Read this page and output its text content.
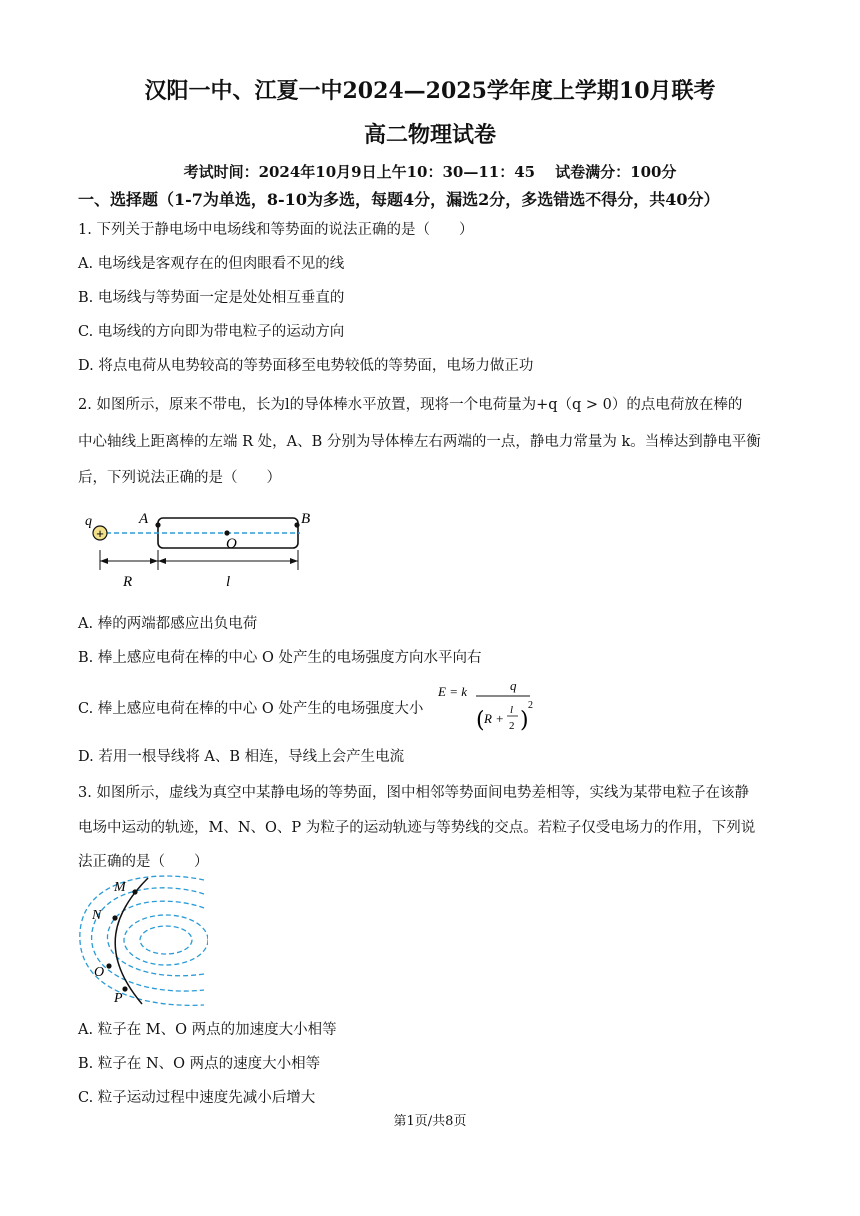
汉阳一中、江夏一中2024—2025学年度上学期10月联考
高二物理试卷
考试时间：2024年10月9日上午10：30—11：45 试卷满分：100分
一、选择题（1-7为单选，8-10为多选，每题4分，漏选2分，多选错选不得分，共40分）
1. 下列关于静电场中电场线和等势面的说法正确的是（　　）
A. 电场线是客观存在的但肉眼看不见的线
B. 电场线与等势面一定是处处相互垂直的
C. 电场线的方向即为带电粒子的运动方向
D. 将点电荷从电势较高的等势面移至电势较低的等势面，电场力做正功
2. 如图所示，原来不带电，长为l的导体棒水平放置，现将一个电荷量为+q（q > 0）的点电荷放在棒的
中心轴线上距离棒的左端 R 处，A、B 分别为导体棒左右两端的一点，静电力常量为 k。当棒达到静电平衡
后，下列说法正确的是（　　）
+
q	A	B
O
R	l
A. 棒的两端都感应出负电荷
B. 棒上感应电荷在棒的中心 O 处产生的电场强度方向水平向右
C. 棒上感应电荷在棒的中心 O 处产生的电场强度大小
E = k	q
( R +
l
2 )
2
D. 若用一根导线将 A、B 相连，导线上会产生电流
3. 如图所示，虚线为真空中某静电场的等势面，图中相邻等势面间电势差相等，实线为某带电粒子在该静
电场中运动的轨迹，M、N、O、P 为粒子的运动轨迹与等势线的交点。若粒子仅受电场力的作用，下列说
法正确的是（　　）
M
N
O
P
A. 粒子在 M、O 两点的加速度大小相等
B. 粒子在 N、O 两点的速度大小相等
C. 粒子运动过程中速度先减小后增大
第1页/共8页
